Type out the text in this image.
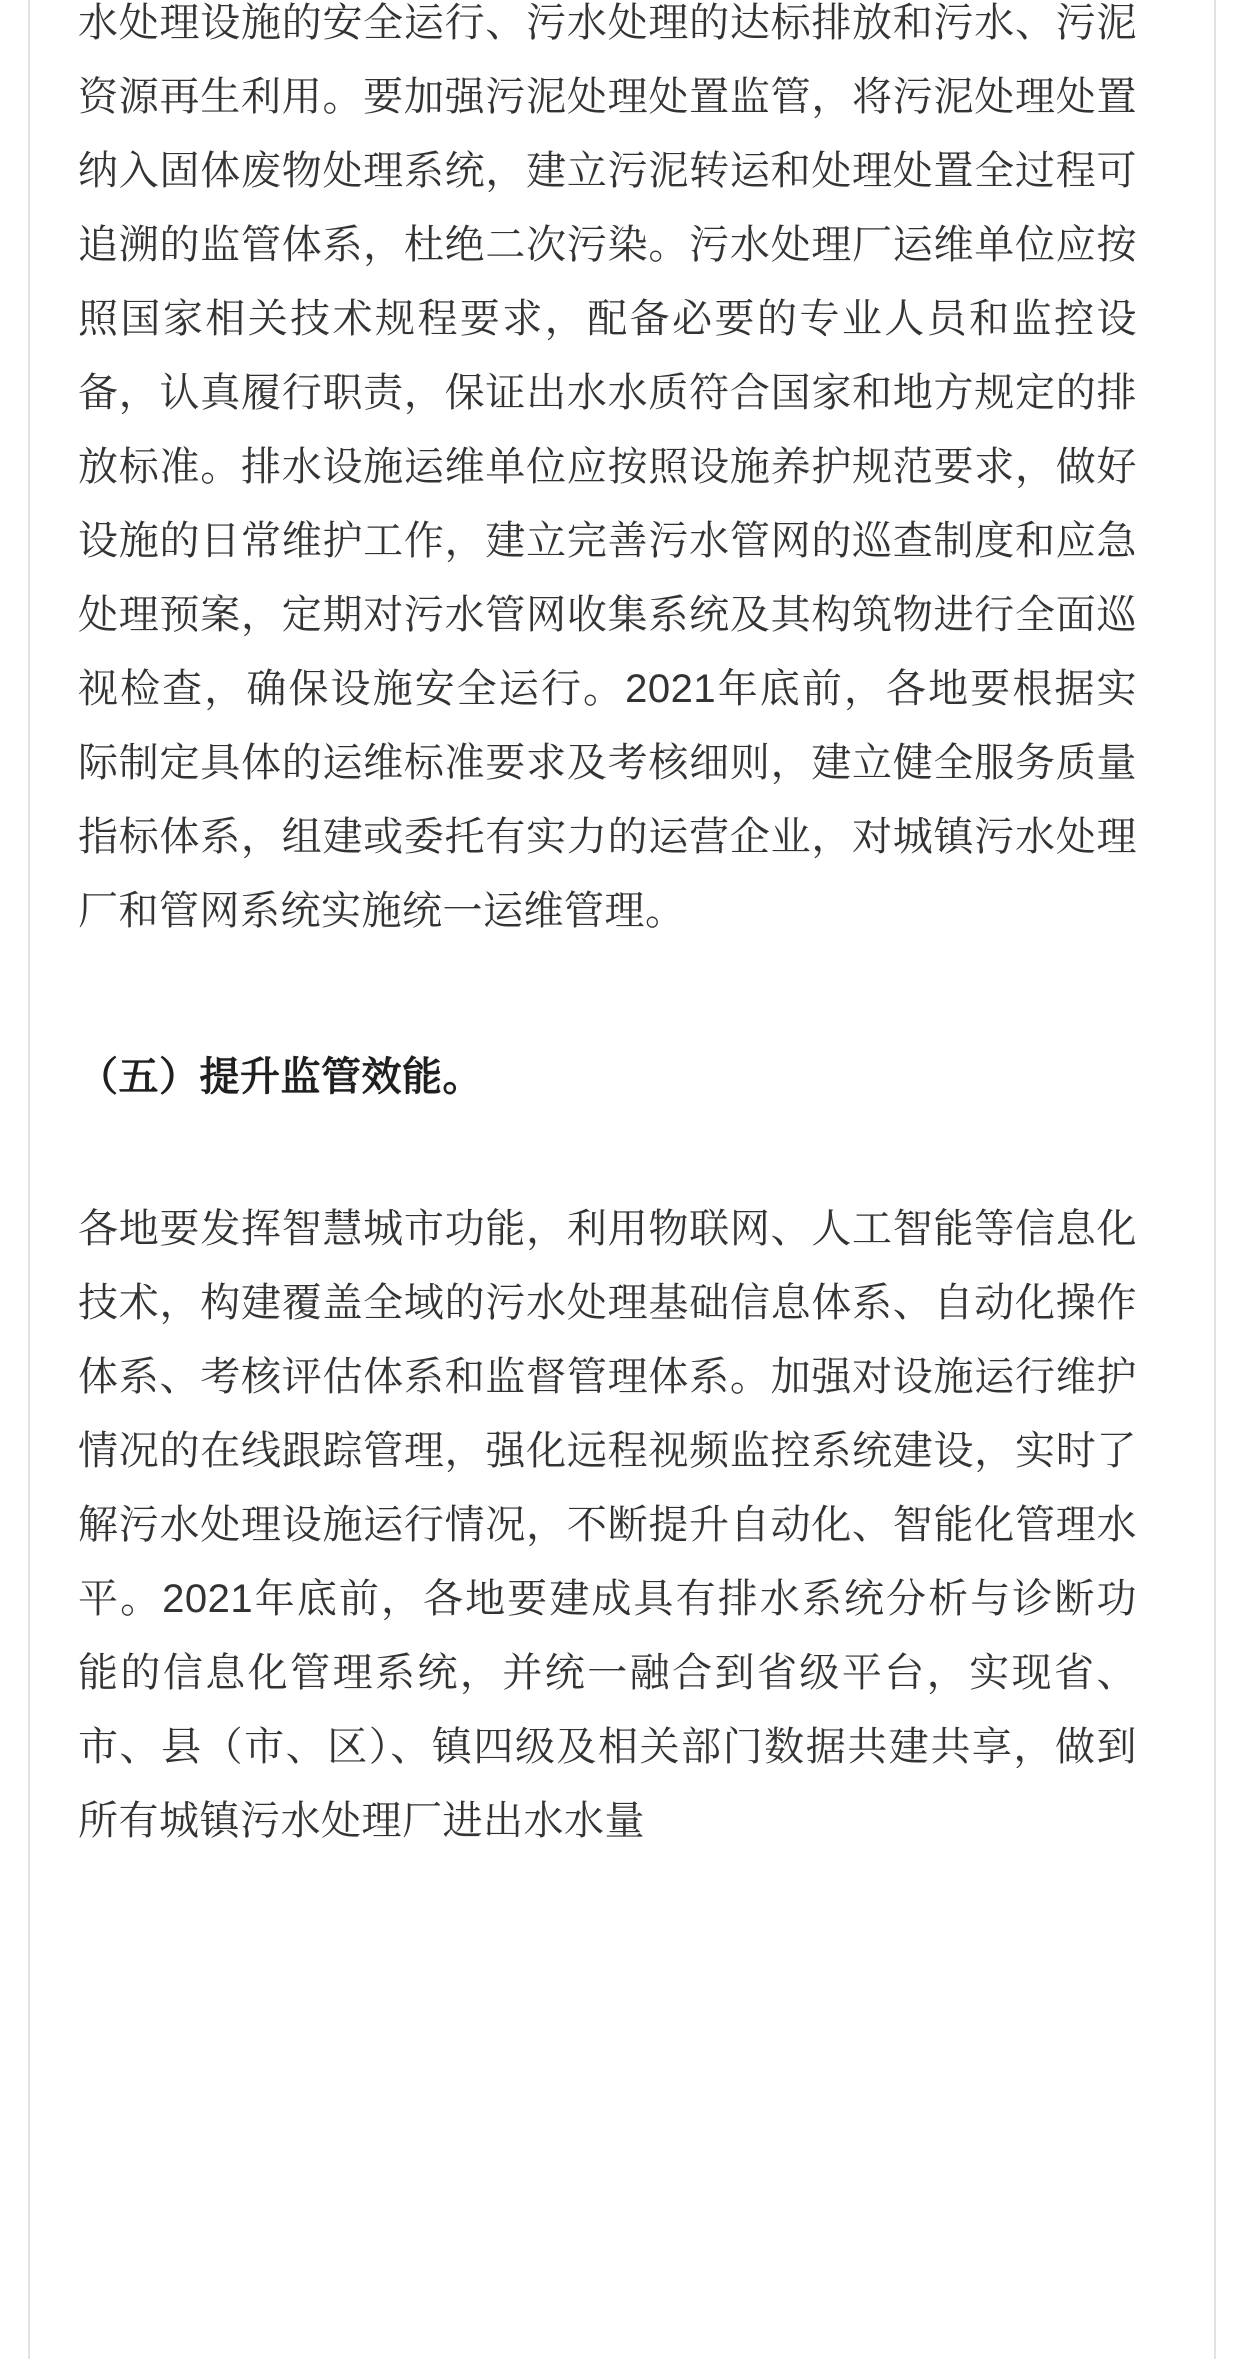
水处理设施的安全运行、污水处理的达标排放和污水、污泥资源再生利用。要加强污泥处理处置监管，将污泥处理处置纳入固体废物处理系统，建立污泥转运和处理处置全过程可追溯的监管体系，杜绝二次污染。污水处理厂运维单位应按照国家相关技术规程要求，配备必要的专业人员和监控设备，认真履行职责，保证出水水质符合国家和地方规定的排放标准。排水设施运维单位应按照设施养护规范要求，做好设施的日常维护工作，建立完善污水管网的巡查制度和应急处理预案，定期对污水管网收集系统及其构筑物进行全面巡视检查，确保设施安全运行。2021年底前，各地要根据实际制定具体的运维标准要求及考核细则，建立健全服务质量指标体系，组建或委托有实力的运营企业，对城镇污水处理厂和管网系统实施统一运维管理。

（五）提升监管效能。

各地要发挥智慧城市功能，利用物联网、人工智能等信息化技术，构建覆盖全域的污水处理基础信息体系、自动化操作体系、考核评估体系和监督管理体系。加强对设施运行维护情况的在线跟踪管理，强化远程视频监控系统建设，实时了解污水处理设施运行情况，不断提升自动化、智能化管理水平。2021年底前，各地要建成具有排水系统分析与诊断功能的信息化管理系统，并统一融合到省级平台，实现省、市、县（市、区）、镇四级及相关部门数据共建共享，做到所有城镇污水处理厂进出水水量
